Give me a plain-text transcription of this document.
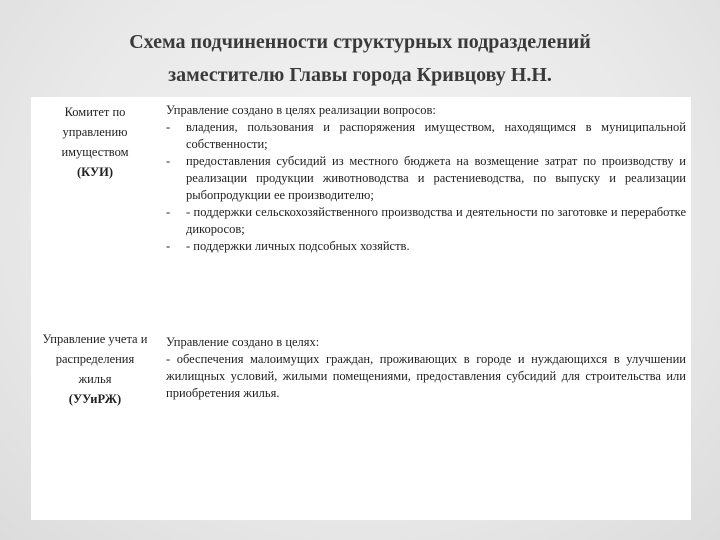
Схема подчиненности структурных подразделений
заместителю Главы города Кривцову Н.Н.
Комитет по
управлению
имуществом
(КУИ)
Управление создано в целях реализации вопросов:
- владения, пользования и распоряжения имуществом, находящимся в муниципальной собственности;
- предоставления субсидий из местного бюджета на возмещение затрат по производству и реализации продукции животноводства и растениеводства, по выпуску и реализации рыбопродукции ее производителю;
- - поддержки сельскохозяйственного производства и деятельности по заготовке и переработке дикоросов;
- - поддержки личных подсобных хозяйств.
Управление учета и
распределения
жилья
(УУиРЖ)
Управление создано в целях:
- обеспечения малоимущих граждан, проживающих в городе и нуждающихся в улучшении жилищных условий, жилыми помещениями, предоставления субсидий для строительства или приобретения жилья.
